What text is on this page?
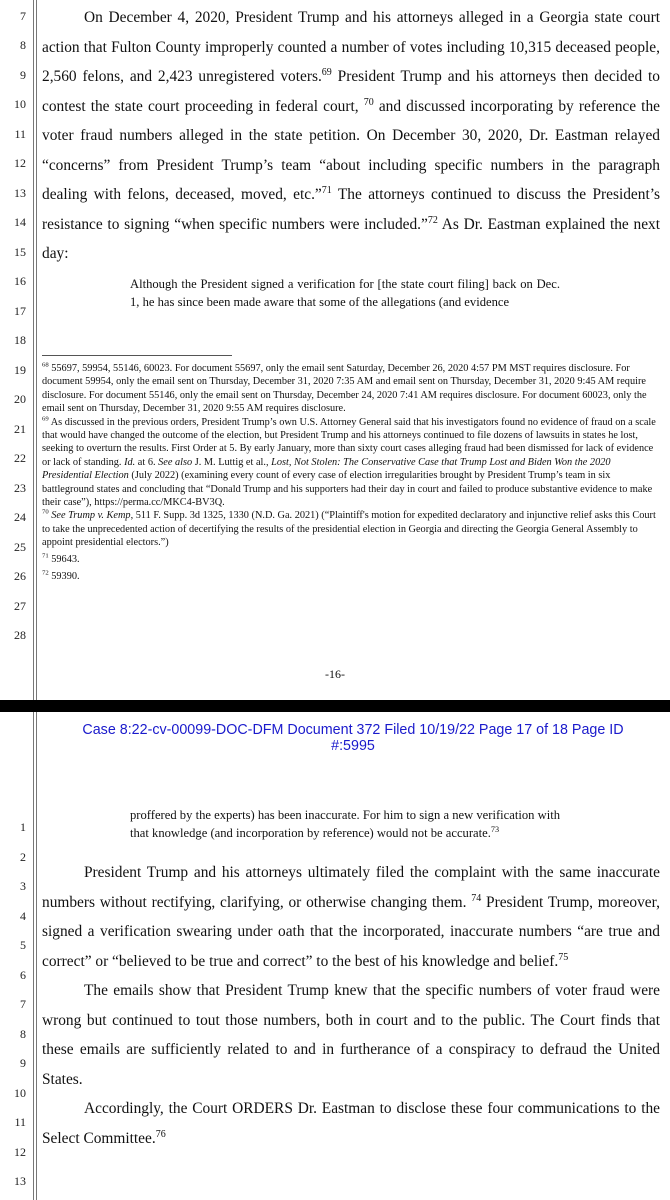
7
8
9
10
11
12
13
14
15
16
17
18
19
20
21
22
23
24
25
26
27
28

On December 4, 2020, President Trump and his attorneys alleged in a Georgia state court action that Fulton County improperly counted a number of votes including 10,315 deceased people, 2,560 felons, and 2,423 unregistered voters.$^{69}$ President Trump and his attorneys then decided to contest the state court proceeding in federal court, $^{70}$ and discussed incorporating by reference the voter fraud numbers alleged in the state petition. On December 30, 2020, Dr. Eastman relayed “concerns” from President Trump’s team “about including specific numbers in the paragraph dealing with felons, deceased, moved, etc.”$^{71}$ The attorneys continued to discuss the President’s resistance to signing “when specific numbers were included.”$^{72}$ As Dr. Eastman explained the next day:

Although the President signed a verification for [the state court filing] back on Dec. 1, he has since been made aware that some of the allegations (and evidence

$^{68}$ 55697, 59954, 55146, 60023. For document 55697, only the email sent Saturday, December 26, 2020 4:57 PM MST requires disclosure. For document 59954, only the email sent on Thursday, December 31, 2020 7:35 AM and email sent on Thursday, December 31, 2020 9:45 AM require disclosure. For document 55146, only the email sent on Thursday, December 24, 2020 7:41 AM requires disclosure. For document 60023, only the email sent on Thursday, December 31, 2020 9:55 AM requires disclosure.

$^{69}$ As discussed in the previous orders, President Trump’s own U.S. Attorney General said that his investigators found no evidence of fraud on a scale that would have changed the outcome of the election, but President Trump and his attorneys continued to file dozens of lawsuits in states he lost, seeking to overturn the results. First Order at 5. By early January, more than sixty court cases alleging fraud had been dismissed for lack of evidence or lack of standing. Id. at 6. See also J. M. Luttig et al., Lost, Not Stolen: The Conservative Case that Trump Lost and Biden Won the 2020 Presidential Election (July 2022) (examining every count of every case of election irregularities brought by President Trump’s team in six battleground states and concluding that “Donald Trump and his supporters had their day in court and failed to produce substantive evidence to make their case”), https://perma.cc/MKC4-BV3Q.

$^{70}$ See Trump v. Kemp, 511 F. Supp. 3d 1325, 1330 (N.D. Ga. 2021) (“Plaintiff's motion for expedited declaratory and injunctive relief asks this Court to take the unprecedented action of decertifying the results of the presidential election in Georgia and directing the Georgia General Assembly to appoint presidential electors.”)

$^{71}$ 59643.

$^{72}$ 59390.

-16-
Case 8:22-cv-00099-DOC-DFM Document 372 Filed 10/19/22 Page 17 of 18 Page ID
#:5995
1
2
3
4
5
6
7
8
9
10
11
12
13
proffered by the experts) has been inaccurate. For him to sign a new verification with that knowledge (and incorporation by reference) would not be accurate.$^{73}$

President Trump and his attorneys ultimately filed the complaint with the same inaccurate numbers without rectifying, clarifying, or otherwise changing them. $^{74}$ President Trump, moreover, signed a verification swearing under oath that the incorporated, inaccurate numbers “are true and correct” or “believed to be true and correct” to the best of his knowledge and belief.$^{75}$

The emails show that President Trump knew that the specific numbers of voter fraud were wrong but continued to tout those numbers, both in court and to the public. The Court finds that these emails are sufficiently related to and in furtherance of a conspiracy to defraud the United States.

Accordingly, the Court ORDERS Dr. Eastman to disclose these four communications to the Select Committee.$^{76}$
